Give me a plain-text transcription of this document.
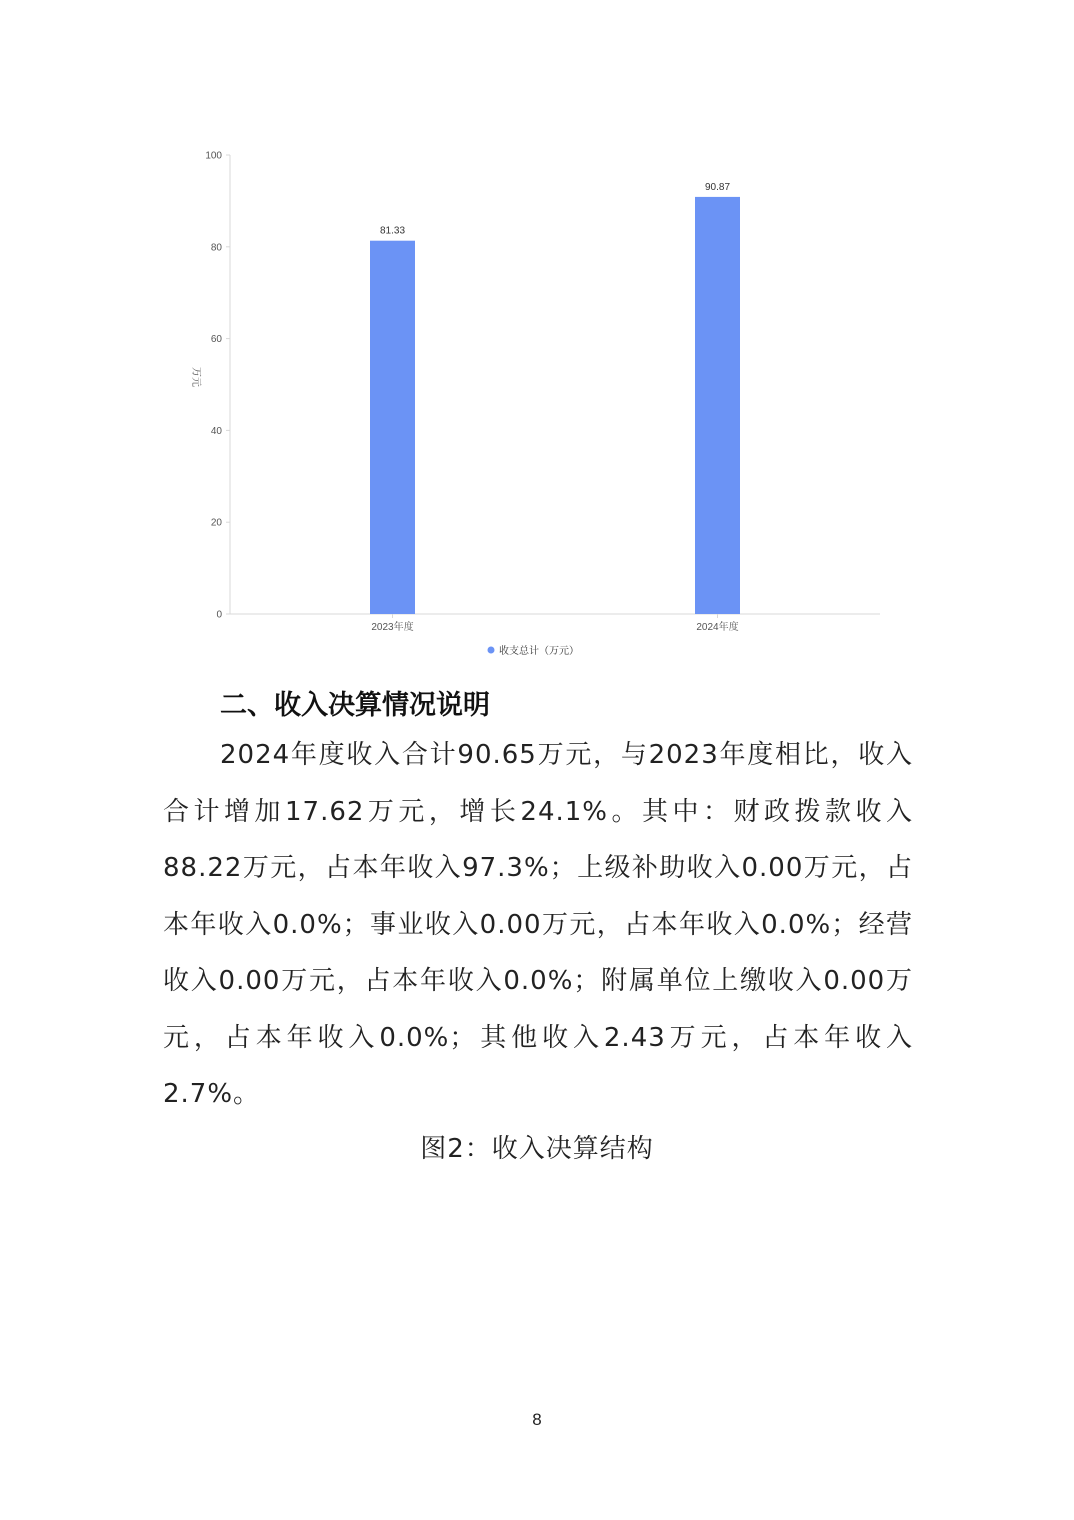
0
20
40
60
80
100
81.33
90.87
2023年度	2024年度
万元
收支总计（万元）
二、收入决算情况说明

2024年度收入合计90.65万元，与2023年度相比，收入合计增加17.62万元，增长24.1%。其中：财政拨款收入88.22万元，占本年收入97.3%；上级补助收入0.00万元，占本年收入0.0%；事业收入0.00万元，占本年收入0.0%；经营收入0.00万元，占本年收入0.0%；附属单位上缴收入0.00万元，占本年收入0.0%；其他收入2.43万元，占本年收入2.7%。

图2：收入决算结构
8
